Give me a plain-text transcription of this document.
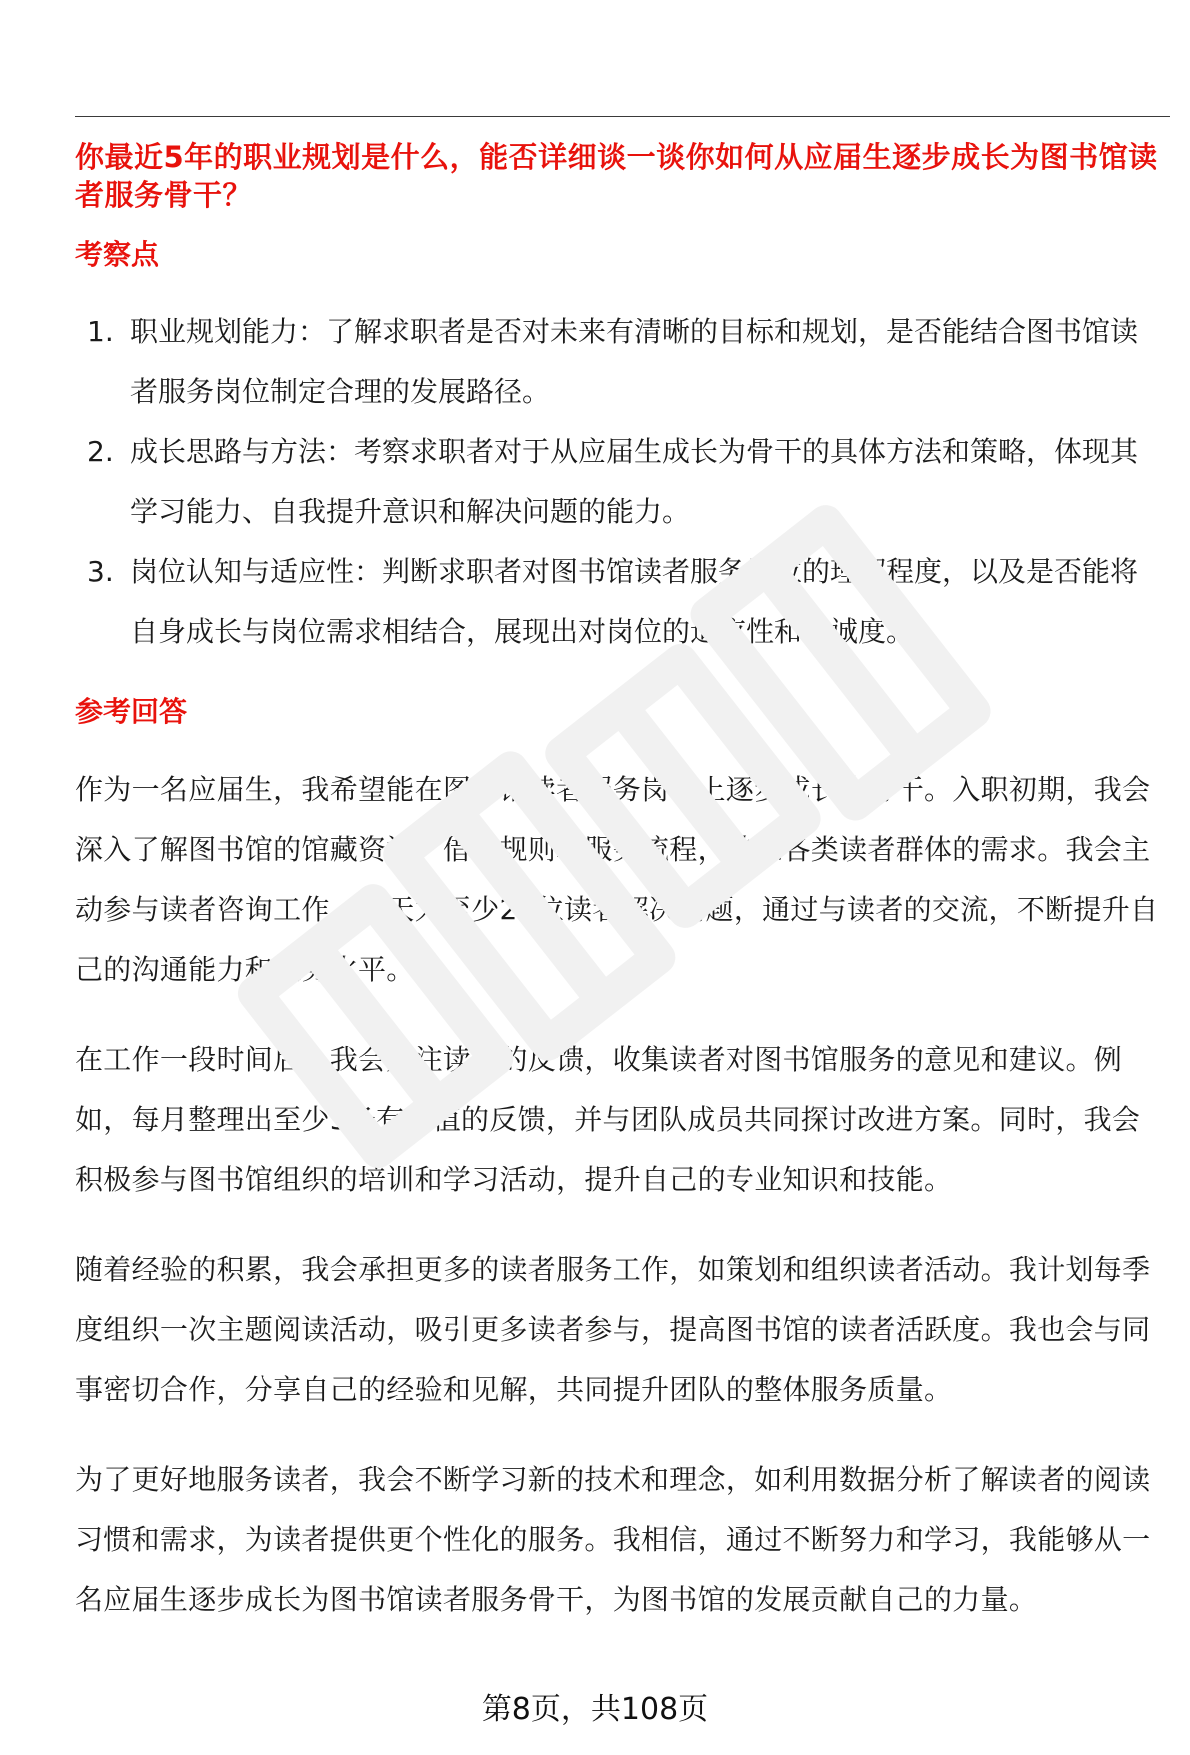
你最近5年的职业规划是什么，能否详细谈一谈你如何从应届生逐步成长为图书馆读者服务骨干？
考察点
1. 职业规划能力：了解求职者是否对未来有清晰的目标和规划，是否能结合图书馆读者服务岗位制定合理的发展路径。
2. 成长思路与方法：考察求职者对于从应届生成长为骨干的具体方法和策略，体现其学习能力、自我提升意识和解决问题的能力。
3. 岗位认知与适应性：判断求职者对图书馆读者服务岗位的理解程度，以及是否能将自身成长与岗位需求相结合，展现出对岗位的适应性和忠诚度。
参考回答

作为一名应届生，我希望能在图书馆读者服务岗位上逐步成长为骨干。入职初期，我会深入了解图书馆的馆藏资源、借阅规则和服务流程，熟悉各类读者群体的需求。我会主动参与读者咨询工作，每天为至少20位读者解决问题，通过与读者的交流，不断提升自己的沟通能力和服务水平。

在工作一段时间后，我会关注读者的反馈，收集读者对图书馆服务的意见和建议。例如，每月整理出至少5条有价值的反馈，并与团队成员共同探讨改进方案。同时，我会积极参与图书馆组织的培训和学习活动，提升自己的专业知识和技能。

随着经验的积累，我会承担更多的读者服务工作，如策划和组织读者活动。我计划每季度组织一次主题阅读活动，吸引更多读者参与，提高图书馆的读者活跃度。我也会与同事密切合作，分享自己的经验和见解，共同提升团队的整体服务质量。

为了更好地服务读者，我会不断学习新的技术和理念，如利用数据分析了解读者的阅读习惯和需求，为读者提供更个性化的服务。我相信，通过不断努力和学习，我能够从一名应届生逐步成长为图书馆读者服务骨干，为图书馆的发展贡献自己的力量。

第8页，共108页
